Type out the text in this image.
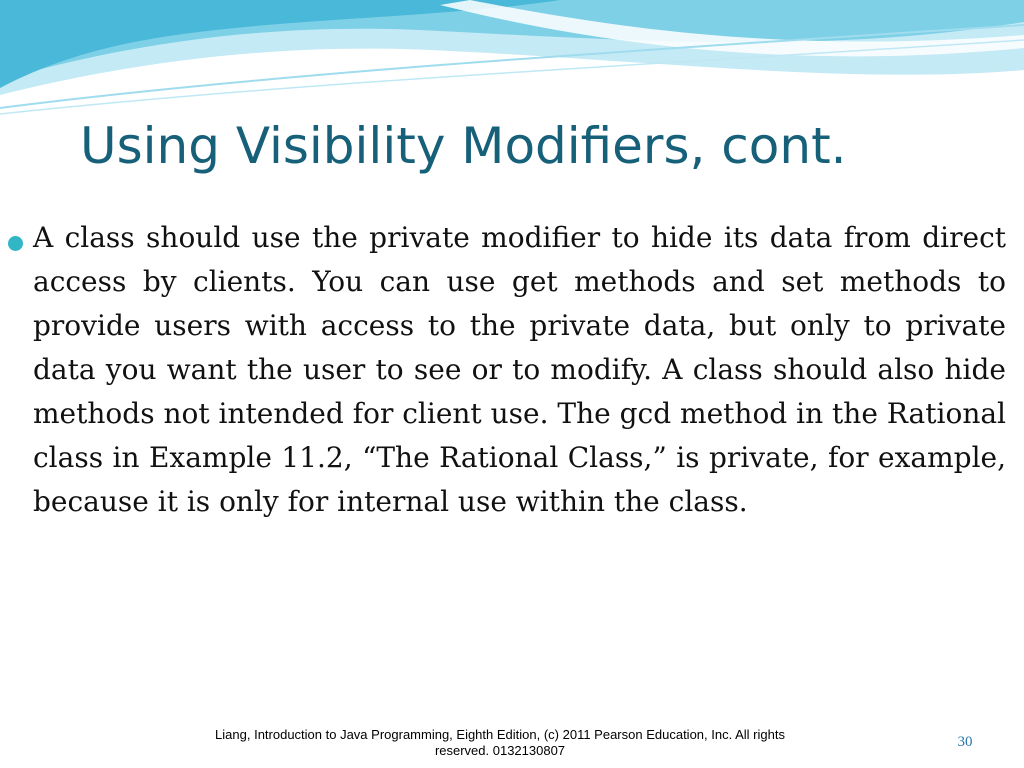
Using Visibility Modifiers, cont.

A class should use the private modifier to hide its data from direct access by clients. You can use get methods and set methods to provide users with access to the private data, but only to private data you want the user to see or to modify. A class should also hide methods not intended for client use. The gcd method in the Rational class in Example 11.2, “The Rational Class,” is private, for example, because it is only for internal use within the class.

Liang, Introduction to Java Programming, Eighth Edition, (c) 2011 Pearson Education, Inc. All rights reserved. 0132130807
30
